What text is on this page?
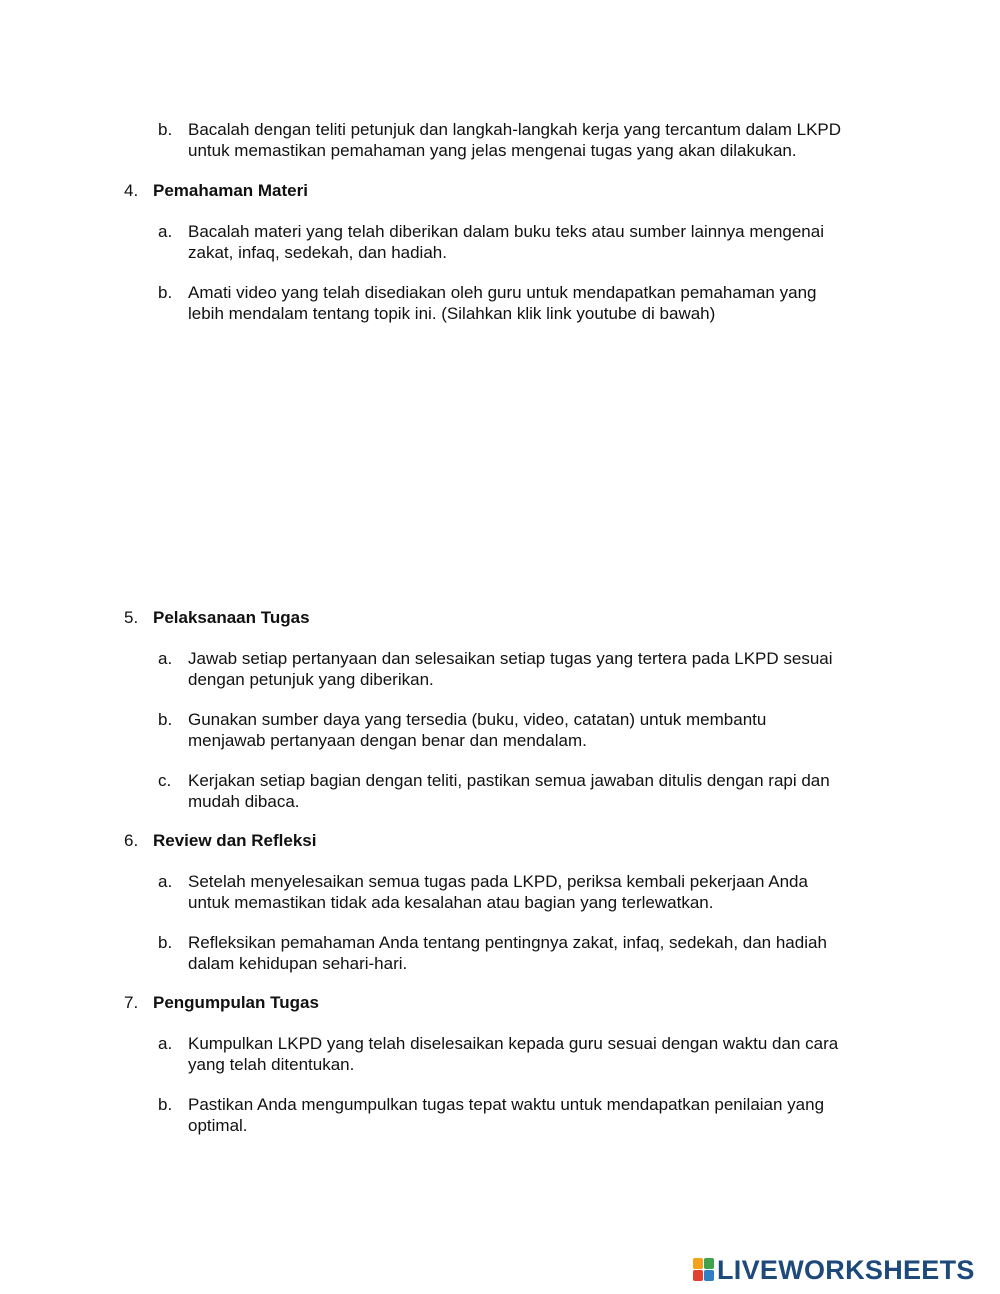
b. Bacalah dengan teliti petunjuk dan langkah-langkah kerja yang tercantum dalam LKPD
untuk memastikan pemahaman yang jelas mengenai tugas yang akan dilakukan.
4. Pemahaman Materi
a. Bacalah materi yang telah diberikan dalam buku teks atau sumber lainnya mengenai
zakat, infaq, sedekah, dan hadiah.
b. Amati video yang telah disediakan oleh guru untuk mendapatkan pemahaman yang
lebih mendalam tentang topik ini. (Silahkan klik link youtube di bawah)
5. Pelaksanaan Tugas
a. Jawab setiap pertanyaan dan selesaikan setiap tugas yang tertera pada LKPD sesuai
dengan petunjuk yang diberikan.
b. Gunakan sumber daya yang tersedia (buku, video, catatan) untuk membantu
menjawab pertanyaan dengan benar dan mendalam.
c. Kerjakan setiap bagian dengan teliti, pastikan semua jawaban ditulis dengan rapi dan
mudah dibaca.
6. Review dan Refleksi
a. Setelah menyelesaikan semua tugas pada LKPD, periksa kembali pekerjaan Anda
untuk memastikan tidak ada kesalahan atau bagian yang terlewatkan.
b. Refleksikan pemahaman Anda tentang pentingnya zakat, infaq, sedekah, dan hadiah
dalam kehidupan sehari-hari.
7. Pengumpulan Tugas
a. Kumpulkan LKPD yang telah diselesaikan kepada guru sesuai dengan waktu dan cara
yang telah ditentukan.
b. Pastikan Anda mengumpulkan tugas tepat waktu untuk mendapatkan penilaian yang
optimal.
LIVEWORKSHEETS
